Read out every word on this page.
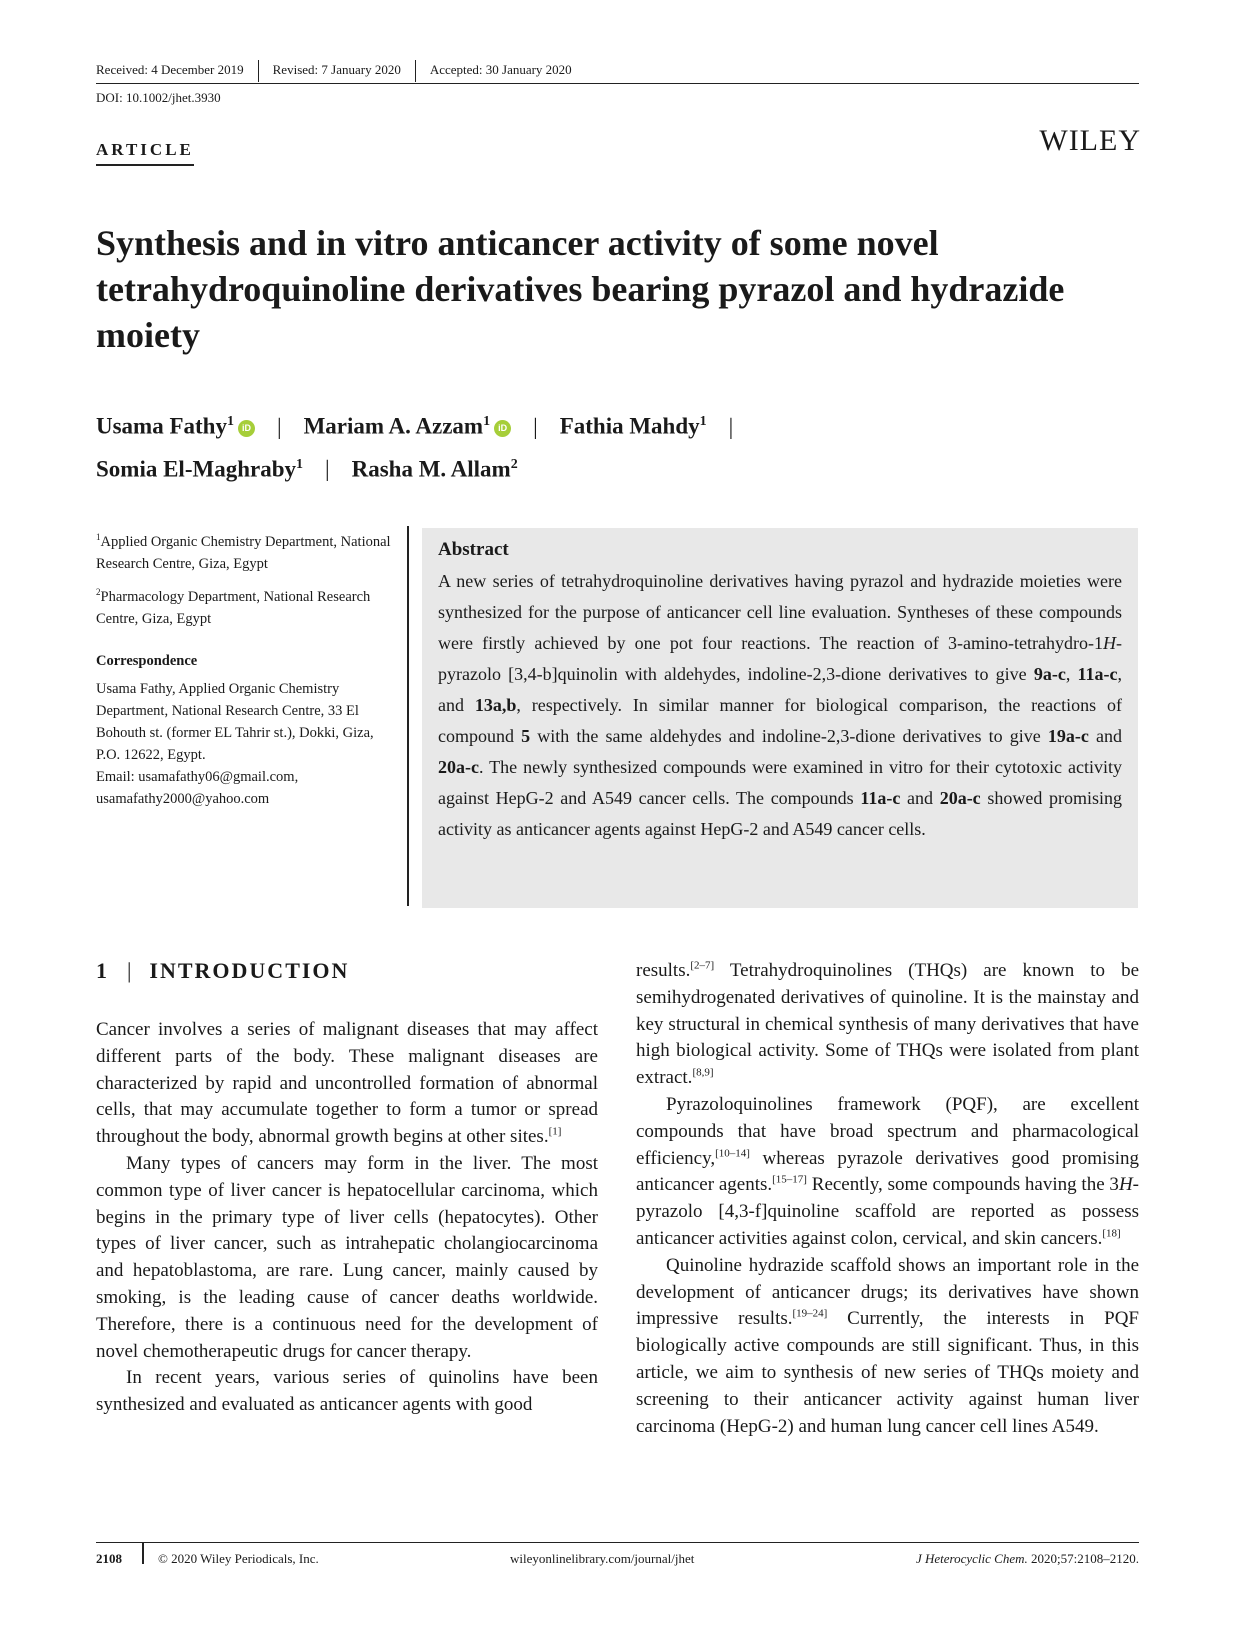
Received: 4 December 2019	Revised: 7 January 2020	Accepted: 30 January 2020
DOI: 10.1002/jhet.3930
ARTICLE	WILEY
Synthesis and in vitro anticancer activity of some novel tetrahydroquinoline derivatives bearing pyrazol and hydrazide moiety
Usama Fathy$^1$ iD | Mariam A. Azzam$^1$ iD | Fathia Mahdy$^1$ |
Somia El-Maghraby$^1$ | Rasha M. Allam$^2$

$^1$Applied Organic Chemistry Department, National Research Centre, Giza, Egypt

$^2$Pharmacology Department, National Research Centre, Giza, Egypt

Correspondence

Usama Fathy, Applied Organic Chemistry Department, National Research Centre, 33 El Bohouth st. (former EL Tahrir st.), Dokki, Giza, P.O. 12622, Egypt.
Email: usamafathy06@gmail.com,
usamafathy2000@yahoo.com

Abstract

A new series of tetrahydroquinoline derivatives having pyrazol and hydrazide moieties were synthesized for the purpose of anticancer cell line evaluation. Syntheses of these compounds were firstly achieved by one pot four reactions. The reaction of 3-amino-tetrahydro-1H-pyrazolo [3,4-b]quinolin with aldehydes, indoline-2,3-dione derivatives to give 9a-c, 11a-c, and 13a,b, respectively. In similar manner for biological comparison, the reactions of compound 5 with the same aldehydes and indoline-2,3-dione derivatives to give 19a-c and 20a-c. The newly synthesized compounds were examined in vitro for their cytotoxic activity against HepG-2 and A549 cancer cells. The compounds 11a-c and 20a-c showed promising activity as anticancer agents against HepG-2 and A549 cancer cells.

1 | INTRODUCTION

Cancer involves a series of malignant diseases that may affect different parts of the body. These malignant diseases are characterized by rapid and uncontrolled formation of abnormal cells, that may accumulate together to form a tumor or spread throughout the body, abnormal growth begins at other sites.[1]

Many types of cancers may form in the liver. The most common type of liver cancer is hepatocellular carcinoma, which begins in the primary type of liver cells (hepatocytes). Other types of liver cancer, such as intrahepatic cholangiocarcinoma and hepatoblastoma, are rare. Lung cancer, mainly caused by smoking, is the leading cause of cancer deaths worldwide. Therefore, there is a continuous need for the development of novel chemotherapeutic drugs for cancer therapy.

In recent years, various series of quinolins have been synthesized and evaluated as anticancer agents with good

results.[2–7] Tetrahydroquinolines (THQs) are known to be semihydrogenated derivatives of quinoline. It is the mainstay and key structural in chemical synthesis of many derivatives that have high biological activity. Some of THQs were isolated from plant extract.[8,9]

Pyrazoloquinolines framework (PQF), are excellent compounds that have broad spectrum and pharmacological efficiency,[10–14] whereas pyrazole derivatives good promising anticancer agents.[15–17] Recently, some compounds having the 3H-pyrazolo [4,3-f]quinoline scaffold are reported as possess anticancer activities against colon, cervical, and skin cancers.[18]

Quinoline hydrazide scaffold shows an important role in the development of anticancer drugs; its derivatives have shown impressive results.[19–24] Currently, the interests in PQF biologically active compounds are still significant. Thus, in this article, we aim to synthesis of new series of THQs moiety and screening to their anticancer activity against human liver carcinoma (HepG-2) and human lung cancer cell lines A549.

2108	© 2020 Wiley Periodicals, Inc.	wileyonlinelibrary.com/journal/jhet	J Heterocyclic Chem. 2020;57:2108–2120.
